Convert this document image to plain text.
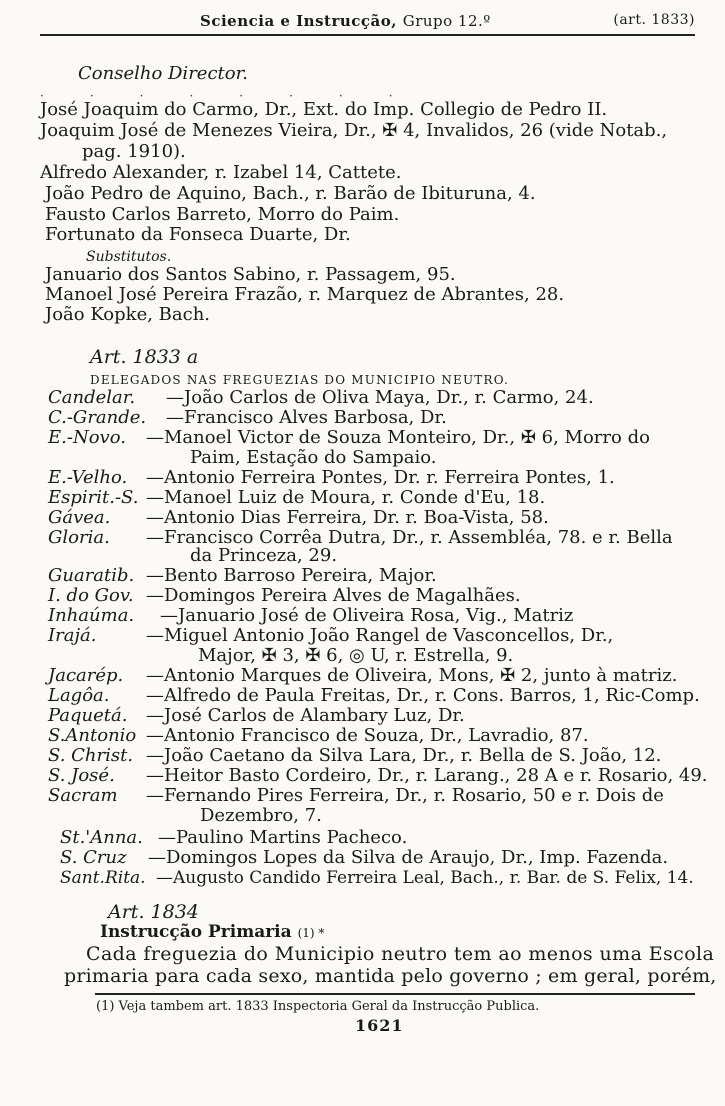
Sciencia e Instrucção, Grupo 12.º	(art. 1833)
Conselho Director.
········
José Joaquim do Carmo, Dr., Ext. do Imp. Collegio de Pedro II.
Joaquim José de Menezes Vieira, Dr., ✠ 4, Invalidos, 26 (vide Notab.,
pag. 1910).
Alfredo Alexander, r. Izabel 14, Cattete.
João Pedro de Aquino, Bach., r. Barão de Ibituruna, 4.
Fausto Carlos Barreto, Morro do Paim.
Fortunato da Fonseca Duarte, Dr.
Substitutos.
Januario dos Santos Sabino, r. Passagem, 95.
Manoel José Pereira Frazão, r. Marquez de Abrantes, 28.
João Kopke, Bach.
Art. 1833 a
DELEGADOS NAS FREGUEZIAS DO MUNICIPIO NEUTRO.
Candelar. —João Carlos de Oliva Maya, Dr., r. Carmo, 24.
C.-Grande. —Francisco Alves Barbosa, Dr.
E.-Novo. —Manoel Victor de Souza Monteiro, Dr., ✠ 6, Morro do
Paim, Estação do Sampaio.
E.-Velho. —Antonio Ferreira Pontes, Dr. r. Ferreira Pontes, 1.
Espirit.-S. —Manoel Luiz de Moura, r. Conde d'Eu, 18.
Gávea. —Antonio Dias Ferreira, Dr. r. Boa-Vista, 58.
Gloria. —Francisco Corrêa Dutra, Dr., r. Assembléa, 78. e r. Bella
da Princeza, 29.
Guaratib. —Bento Barroso Pereira, Major.
I. do Gov. —Domingos Pereira Alves de Magalhães.
Inhaúma. —Januario José de Oliveira Rosa, Vig., Matriz
Irajá.	—Miguel Antonio João Rangel de Vasconcellos, Dr.,
Major, ✠ 3, ✠ 6, ◎ U, r. Estrella, 9.
Jacarép. —Antonio Marques de Oliveira, Mons, ✠ 2, junto à matriz.
Lagôa. —Alfredo de Paula Freitas, Dr., r. Cons. Barros, 1, Ric-Comp.
Paquetá. —José Carlos de Alambary Luz, Dr.
S.Antonio —Antonio Francisco de Souza, Dr., Lavradio, 87.
S. Christ. —João Caetano da Silva Lara, Dr., r. Bella de S. João, 12.
S. José. —Heitor Basto Cordeiro, Dr., r. Larang., 28 A e r. Rosario, 49.
Sacram —Fernando Pires Ferreira, Dr., r. Rosario, 50 e r. Dois de
Dezembro, 7.
St.'Anna. —Paulino Martins Pacheco.
S. Cruz —Domingos Lopes da Silva de Araujo, Dr., Imp. Fazenda.
Sant.Rita. —Augusto Candido Ferreira Leal, Bach., r. Bar. de S. Felix, 14.
Art. 1834
Instrucção Primaria (1) *
Cada freguezia do Municipio neutro tem ao menos uma Escola
primaria para cada sexo, mantida pelo governo ; em geral, porém,
(1) Veja tambem art. 1833 Inspectoria Geral da Instrucção Publica.
1621
